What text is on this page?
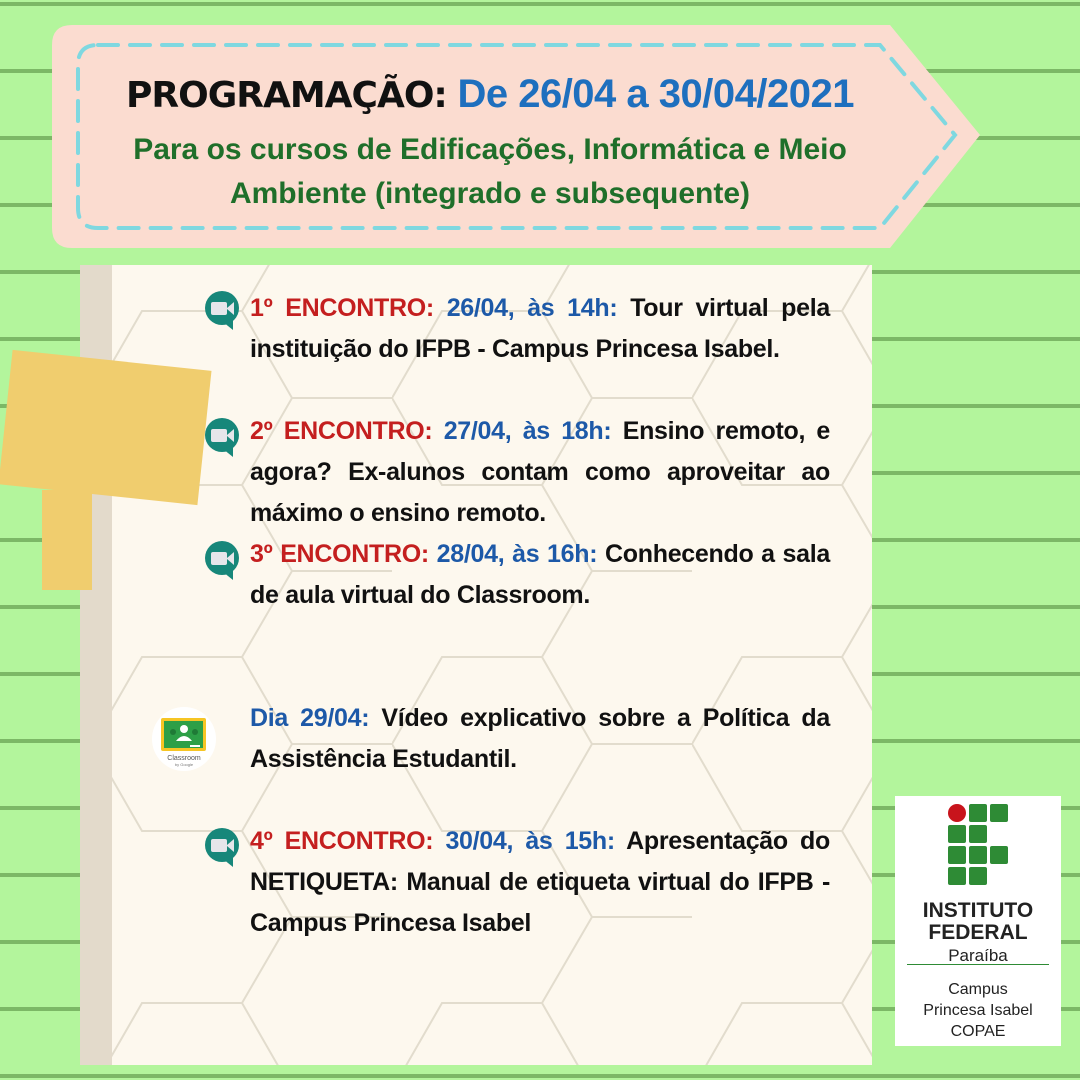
PROGRAMAÇÃO: De 26/04 a 30/04/2021
Para os cursos de Edificações, Informática e Meio Ambiente (integrado e subsequente)
Classroom
by Google
1º ENCONTRO: 26/04, às 14h: Tour virtual pela instituição do IFPB - Campus Princesa Isabel.
2º ENCONTRO: 27/04, às 18h: Ensino remoto, e agora? Ex-alunos contam como aproveitar ao máximo o ensino remoto.
3º ENCONTRO: 28/04, às 16h: Conhecendo a sala de aula virtual do Classroom.
Dia 29/04: Vídeo explicativo sobre a Política da Assistência Estudantil.
4º ENCONTRO: 30/04, às 15h: Apresentação do NETIQUETA: Manual de etiqueta virtual do IFPB - Campus Princesa Isabel	INSTITUTO
FEDERAL
Paraíba
Campus
Princesa Isabel
COPAE
